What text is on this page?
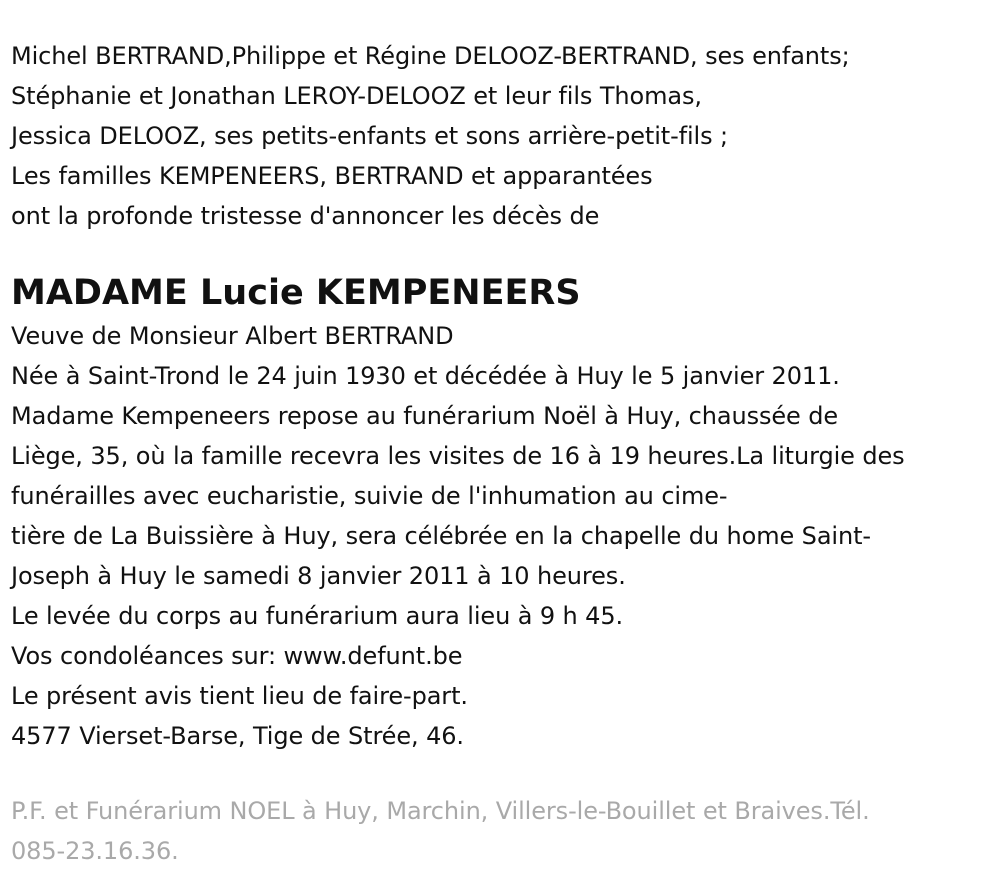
Michel BERTRAND,Philippe et Régine DELOOZ-BERTRAND, ses enfants;
Stéphanie et Jonathan LEROY-DELOOZ et leur fils Thomas,
Jessica DELOOZ, ses petits-enfants et sons arrière-petit-fils ;
Les familles KEMPENEERS, BERTRAND et apparantées
ont la profonde tristesse d'annoncer les décès de
MADAME Lucie KEMPENEERS
Veuve de Monsieur Albert BERTRAND
Née à Saint-Trond le 24 juin 1930 et décédée à Huy le 5 janvier 2011.
Madame Kempeneers repose au funérarium Noël à Huy, chaussée de
Liège, 35, où la famille recevra les visites de 16 à 19 heures.La liturgie des
funérailles avec eucharistie, suivie de l'inhumation au cime-
tière de La Buissière à Huy, sera célébrée en la chapelle du home Saint-
Joseph à Huy le samedi 8 janvier 2011 à 10 heures.
Le levée du corps au funérarium aura lieu à 9 h 45.
Vos condoléances sur: www.defunt.be
Le présent avis tient lieu de faire-part.
4577 Vierset-Barse, Tige de Strée, 46.
P.F. et Funérarium NOEL à Huy, Marchin, Villers-le-Bouillet et Braives.Tél.
085-23.16.36.
